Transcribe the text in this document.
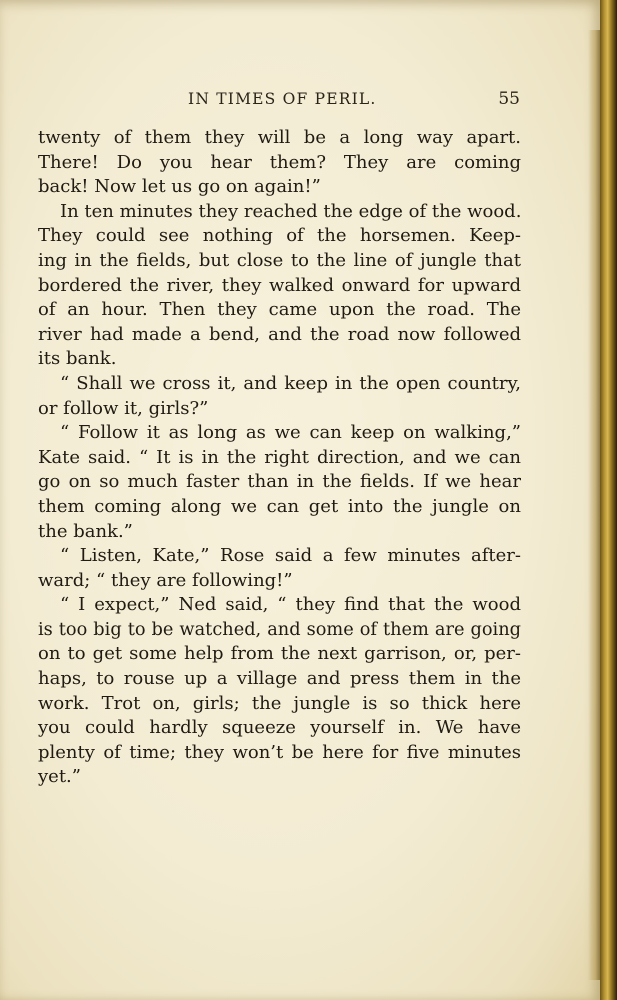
IN TIMES OF PERIL.	55
twenty of them they will be a long way apart.
There! Do you hear them? They are coming
back! Now let us go on again!”
In ten minutes they reached the edge of the wood.
They could see nothing of the horsemen. Keep-
ing in the fields, but close to the line of jungle that
bordered the river, they walked onward for upward
of an hour. Then they came upon the road. The
river had made a bend, and the road now followed
its bank.
“ Shall we cross it, and keep in the open country,
or follow it, girls?”
“ Follow it as long as we can keep on walking,”
Kate said. “ It is in the right direction, and we can
go on so much faster than in the fields. If we hear
them coming along we can get into the jungle on
the bank.”
“ Listen, Kate,” Rose said a few minutes after-
ward; “ they are following!”
“ I expect,” Ned said, “ they find that the wood
is too big to be watched, and some of them are going
on to get some help from the next garrison, or, per-
haps, to rouse up a village and press them in the
work. Trot on, girls; the jungle is so thick here
you could hardly squeeze yourself in. We have
plenty of time; they won’t be here for five minutes
yet.”
